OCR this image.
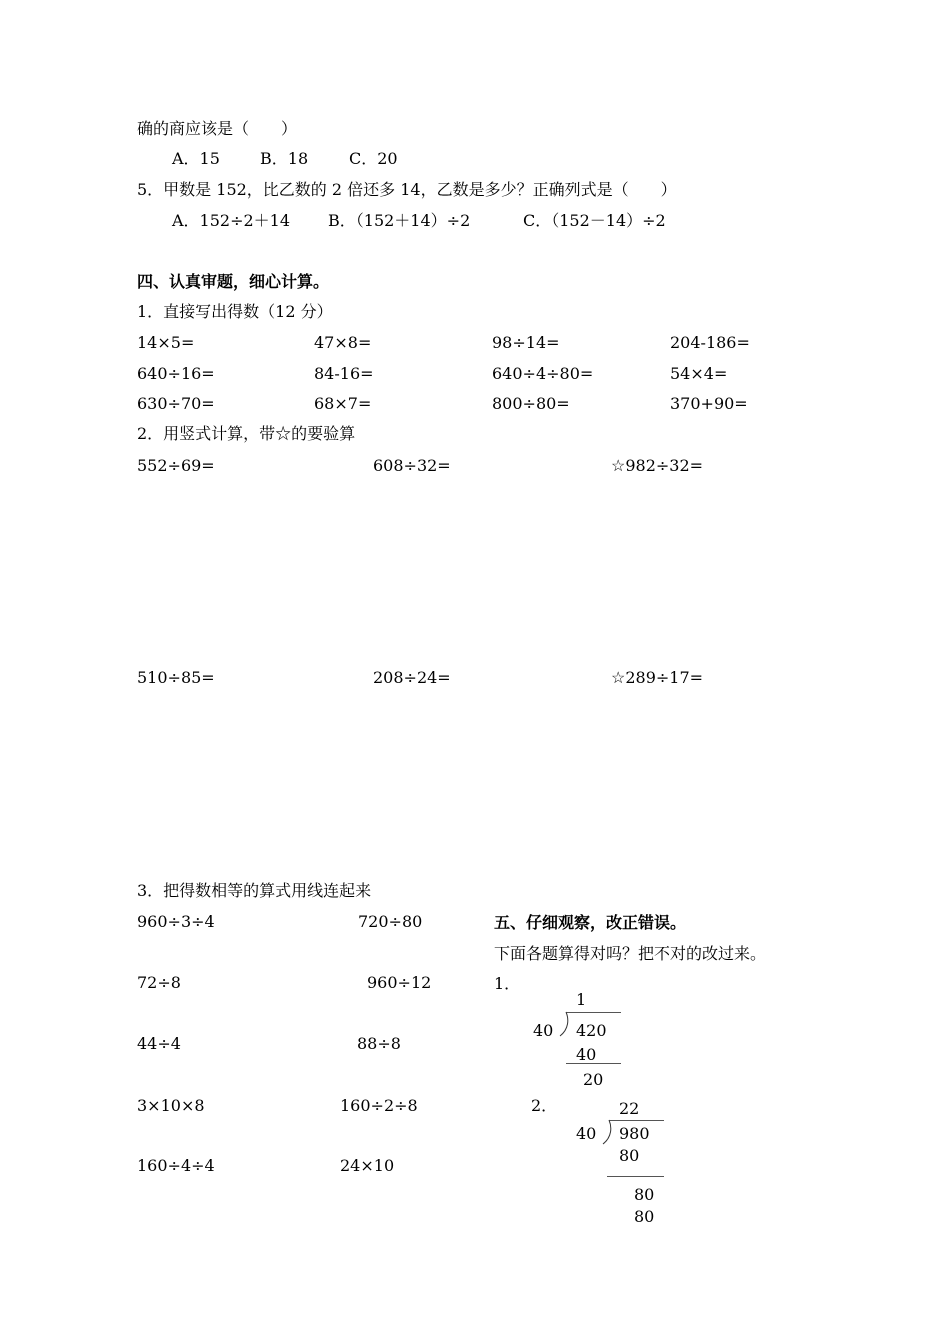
确的商应该是（　　）
A．15	B．18	C．20
5．甲数是 152，比乙数的 2 倍还多 14，乙数是多少？正确列式是（　　）
A．152÷2＋14 B．（152＋14）÷2	C．（152－14）÷2
四、认真审题，细心计算。
1．直接写出得数（12 分）
14×5=	47×8=	98÷14=	204-186=
640÷16=	84-16=	640÷4÷80=	54×4=
630÷70=	68×7=	800÷80=	370+90=
2．用竖式计算，带☆的要验算
552÷69=	608÷32=	☆982÷32=
510÷85=	208÷24=	☆289÷17=
3．把得数相等的算式用线连起来
960÷3÷4	720÷80
72÷8	960÷12
44÷4	88÷8
3×10×8	160÷2÷8
160÷4÷4	24×10
五、仔细观察，改正错误。
下面各题算得对吗？把不对的改过来。
1．
1
40 420
40
20
2．	22
40 980
80
80
80
